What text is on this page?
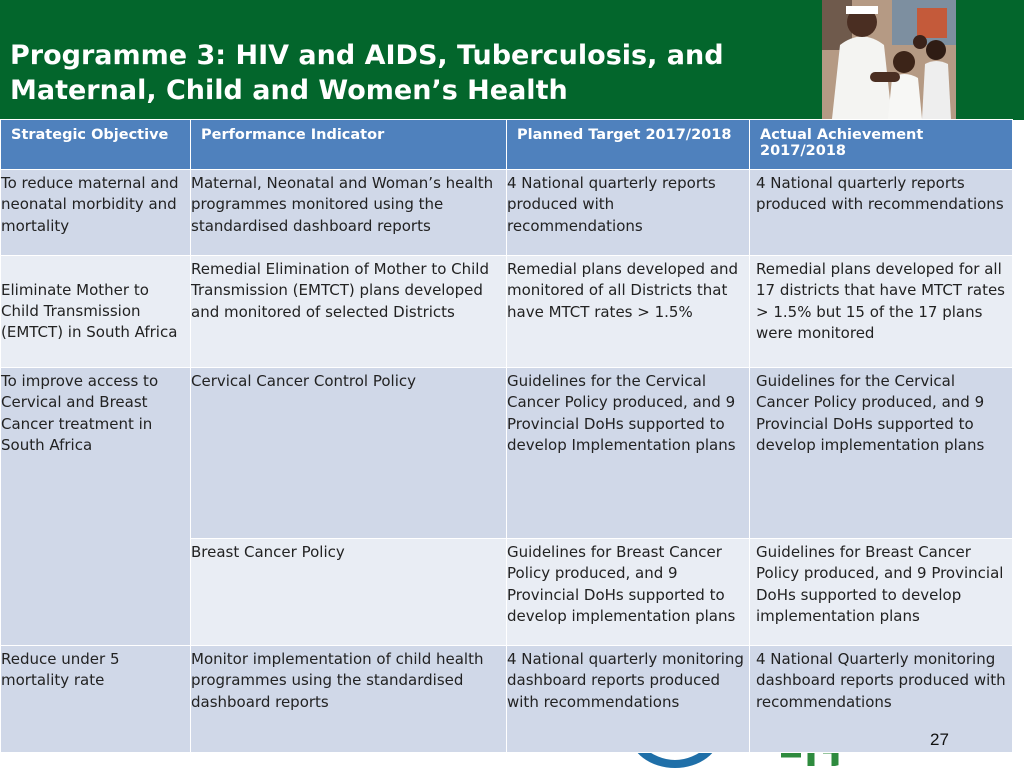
Programme 3: HIV and AIDS, Tuberculosis, and
Maternal, Child and Women’s Health
Strategic Objective	Performance Indicator	Planned Target 2017/2018	Actual Achievement 2017/2018
To reduce maternal and neonatal morbidity and mortality	Maternal, Neonatal and Woman’s health programmes monitored using the standardised dashboard reports	4 National quarterly reports produced with recommendations	4 National quarterly reports produced with recommendations
Eliminate Mother to Child Transmission (EMTCT) in South Africa	Remedial Elimination of Mother to Child Transmission (EMTCT) plans developed and monitored of selected Districts	Remedial plans developed and monitored of all Districts that have MTCT rates > 1.5%	Remedial plans developed for all 17 districts that have MTCT rates > 1.5% but 15 of the 17 plans were monitored
To improve access to Cervical and Breast Cancer treatment in South Africa	Cervical Cancer Control Policy	Guidelines for the Cervical Cancer Policy produced, and 9 Provincial DoHs supported to develop Implementation plans	Guidelines for the Cervical Cancer Policy produced, and 9 Provincial DoHs supported to develop implementation plans
	Breast Cancer Policy	Guidelines for Breast Cancer Policy produced, and 9 Provincial DoHs supported to develop implementation plans	Guidelines for Breast Cancer Policy produced, and 9 Provincial DoHs supported to develop implementation plans
Reduce under 5 mortality rate	Monitor implementation of child health programmes using the standardised dashboard reports	4 National quarterly monitoring dashboard reports produced with recommendations	4 National Quarterly monitoring dashboard reports produced with recommendations
27
